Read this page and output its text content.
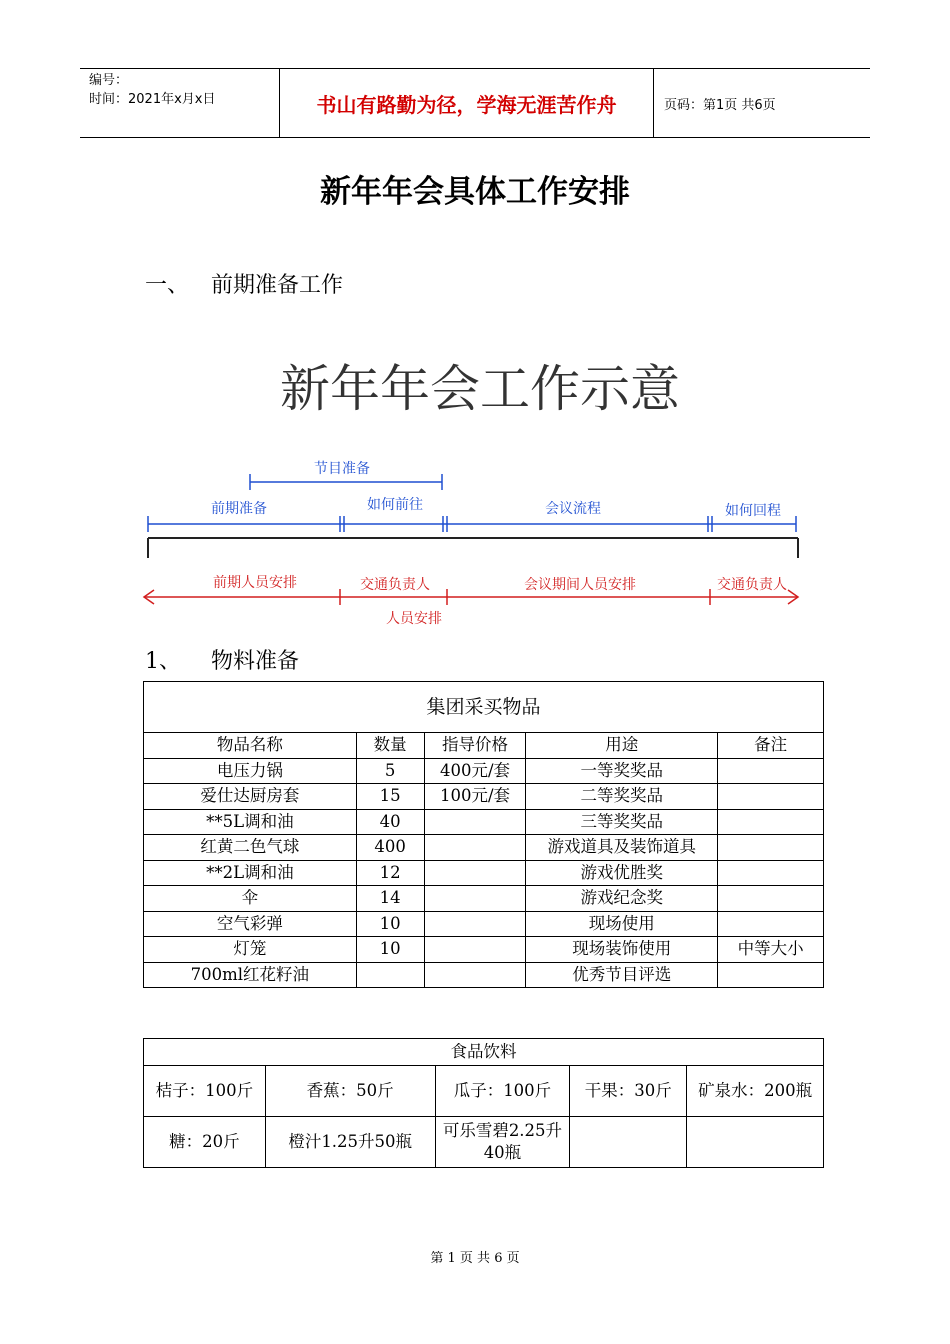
编号：
时间：2021年x月x日	书山有路勤为径，学海无涯苦作舟	页码：第1页 共6页
新年年会具体工作安排
一、 前期准备工作
新年年会工作示意
节目准备
前期准备	如何前往	会议流程	如何回程
前期人员安排	交通负责人	会议期间人员安排	交通负责人
人员安排
1、	物料准备
集团采买物品				
物品名称	数量	指导价格	用途	备注
电压力锅	5	400元/套	一等奖奖品	
爱仕达厨房套	15	100元/套	二等奖奖品	
**5L调和油	40		三等奖奖品	
红黄二色气球	400		游戏道具及装饰道具	
**2L调和油	12		游戏优胜奖	
伞	14		游戏纪念奖	
空气彩弹	10		现场使用	
灯笼	10		现场装饰使用	中等大小
700ml红花籽油			优秀节目评选	
食品饮料				
桔子：100斤	香蕉：50斤	瓜子：100斤	干果：30斤	矿泉水：200瓶
糖：20斤	橙汁1.25升50瓶	可乐雪碧2.25升40瓶		
第 1 页 共 6 页
